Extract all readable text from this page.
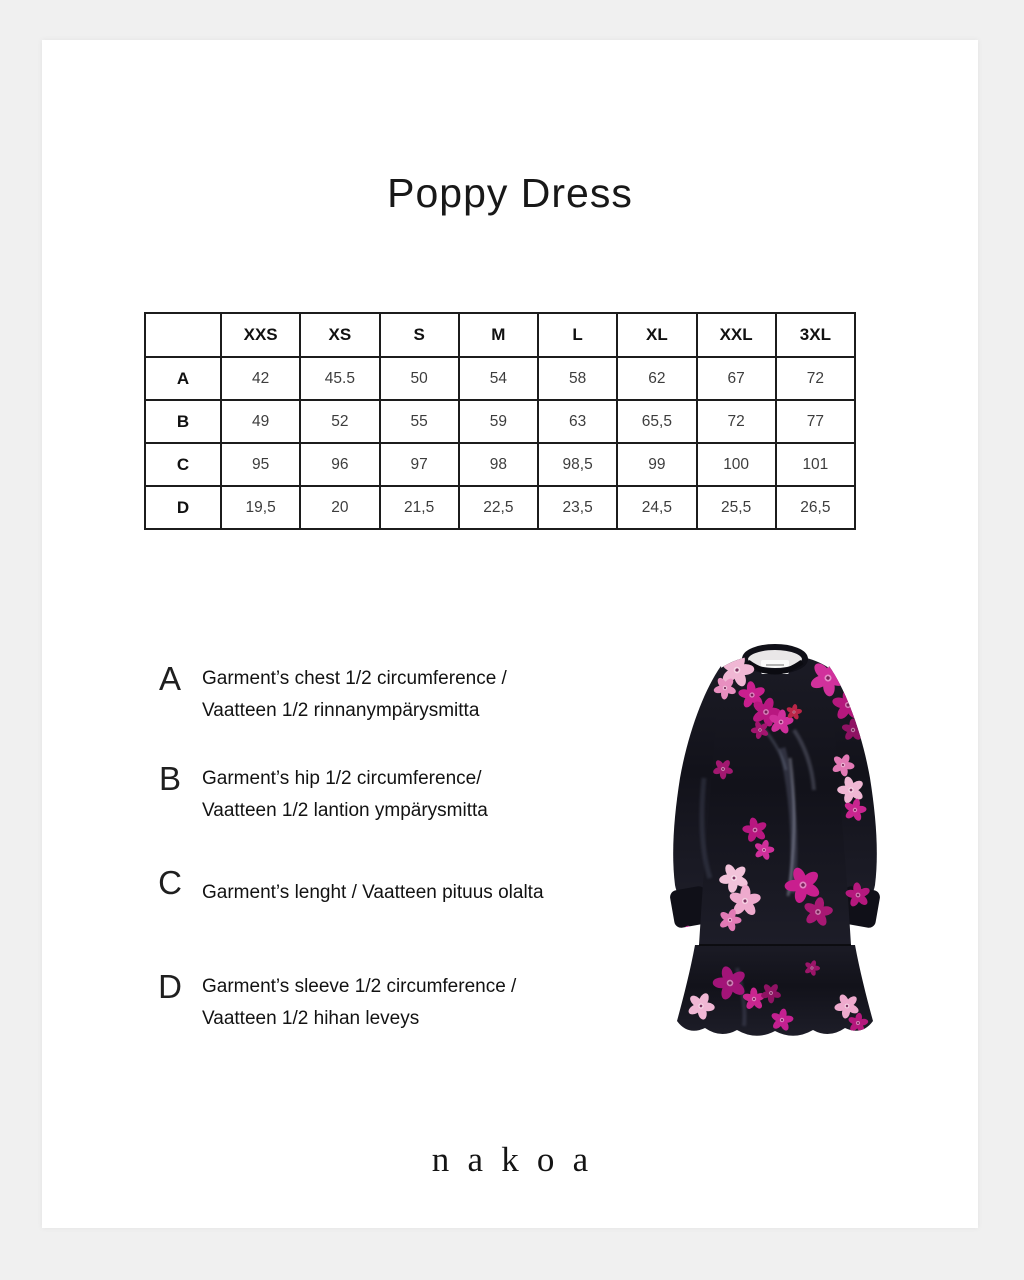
Poppy Dress
	XXS	XS	S	M	L	XL	XXL	3XL
A	42	45.5	50	54	58	62	67	72
B	49	52	55	59	63	65,5	72	77
C	95	96	97	98	98,5	99	100	101
D	19,5	20	21,5	22,5	23,5	24,5	25,5	26,5
A	Garment’s chest 1/2 circumference /
Vaatteen 1/2 rinnanympärysmitta
B	Garment’s hip 1/2 circumference/
Vaatteen 1/2 lantion ympärysmitta
C	Garment’s lenght / Vaatteen pituus olalta
D	Garment’s sleeve 1/2 circumference /
Vaatteen 1/2 hihan leveys
nakoa
